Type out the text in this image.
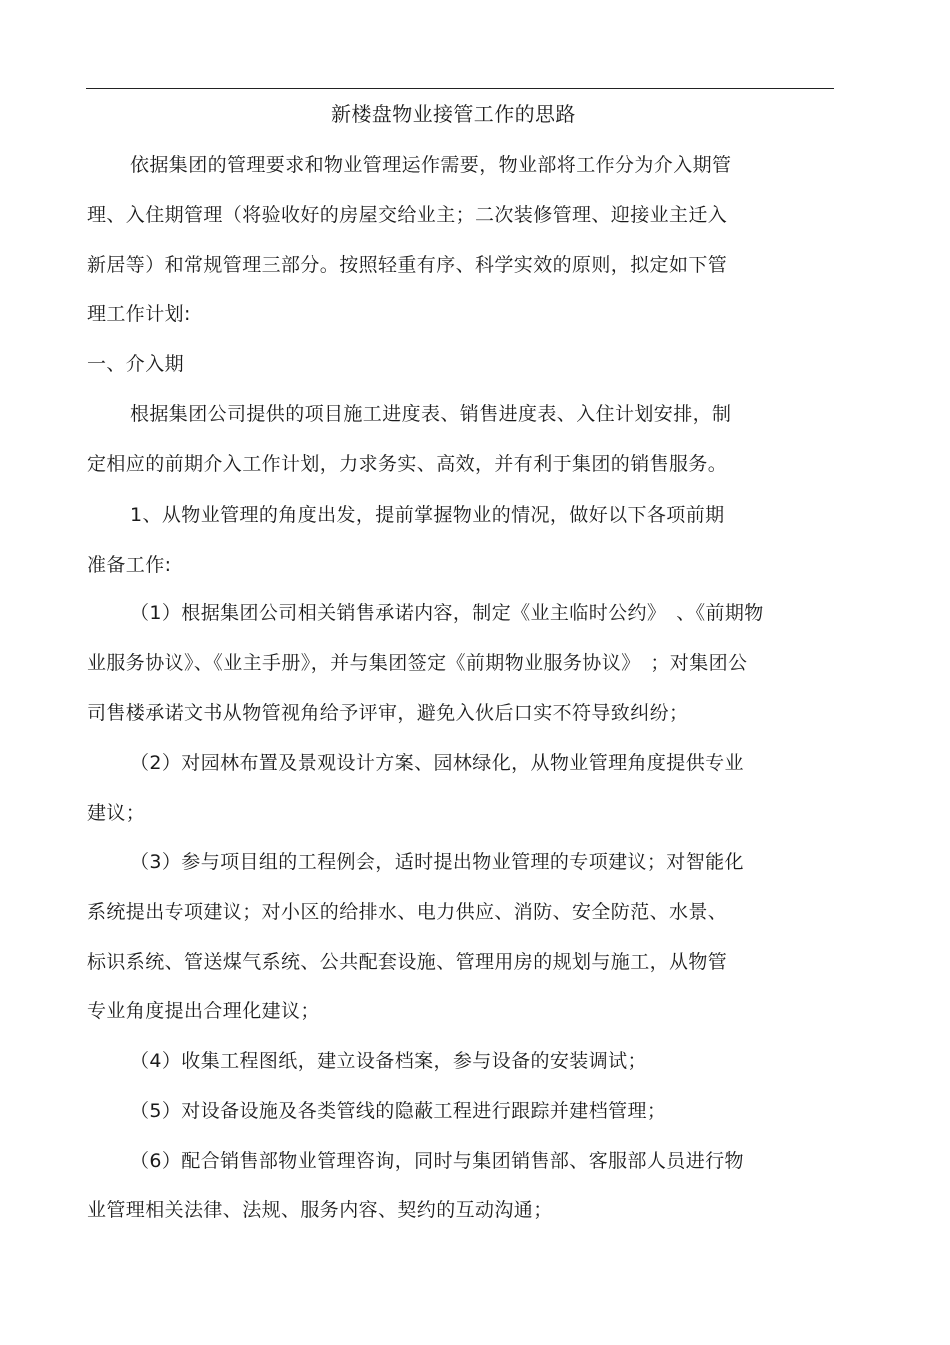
新楼盘物业接管工作的思路
依据集团的管理要求和物业管理运作需要，物业部将工作分为介入期管
理、入住期管理（将验收好的房屋交给业主；二次装修管理、迎接业主迁入
新居等）和常规管理三部分。按照轻重有序、科学实效的原则，拟定如下管
理工作计划:
一、介入期
根据集团公司提供的项目施工进度表、销售进度表、入住计划安排，制
定相应的前期介入工作计划，力求务实、高效，并有利于集团的销售服务。
1、从物业管理的角度出发，提前掌握物业的情况，做好以下各项前期
准备工作:
（1）根据集团公司相关销售承诺内容，制定《业主临时公约》　、《前期物
业服务协议》、《业主手册》，并与集团签定《前期物业服务协议》　；对集团公
司售楼承诺文书从物管视角给予评审，避免入伙后口实不符导致纠纷；
（2）对园林布置及景观设计方案、园林绿化，从物业管理角度提供专业
建议；
（3）参与项目组的工程例会，适时提出物业管理的专项建议；对智能化
系统提出专项建议；对小区的给排水、电力供应、消防、安全防范、水景、
标识系统、管送煤气系统、公共配套设施、管理用房的规划与施工，从物管
专业角度提出合理化建议；
（4）收集工程图纸，建立设备档案，参与设备的安装调试；
（5）对设备设施及各类管线的隐蔽工程进行跟踪并建档管理；
（6）配合销售部物业管理咨询，同时与集团销售部、客服部人员进行物
业管理相关法律、法规、服务内容、契约的互动沟通；
